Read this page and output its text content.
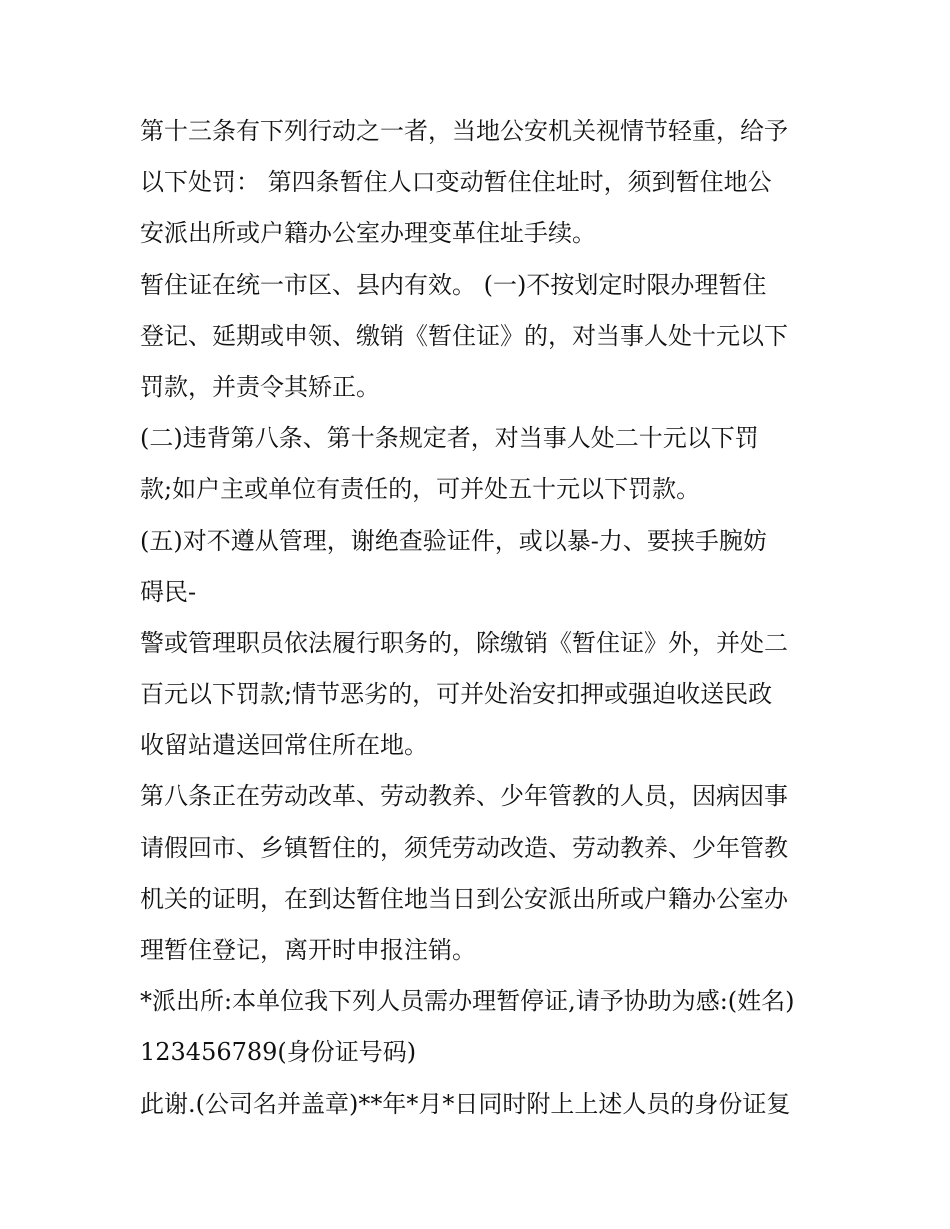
第十三条有下列行动之一者，当地公安机关视情节轻重，给予
以下处罚： 第四条暂住人口变动暂住住址时，须到暂住地公
安派出所或户籍办公室办理变革住址手续。
暂住证在统一市区、县内有效。 (一)不按划定时限办理暂住
登记、延期或申领、缴销《暂住证》的，对当事人处十元以下
罚款，并责令其矫正。
(二)违背第八条、第十条规定者，对当事人处二十元以下罚
款;如户主或单位有责任的，可并处五十元以下罚款。
(五)对不遵从管理，谢绝查验证件，或以暴-力、要挟手腕妨
碍民-
警或管理职员依法履行职务的，除缴销《暂住证》外，并处二
百元以下罚款;情节恶劣的，可并处治安扣押或强迫收送民政
收留站遣送回常住所在地。
第八条正在劳动改革、劳动教养、少年管教的人员，因病因事
请假回市、乡镇暂住的，须凭劳动改造、劳动教养、少年管教
机关的证明，在到达暂住地当日到公安派出所或户籍办公室办
理暂住登记，离开时申报注销。
*派出所:本单位我下列人员需办理暂停证,请予协助为感:(姓名)
123456789(身份证号码)
此谢.(公司名并盖章)**年*月*日同时附上上述人员的身份证复
